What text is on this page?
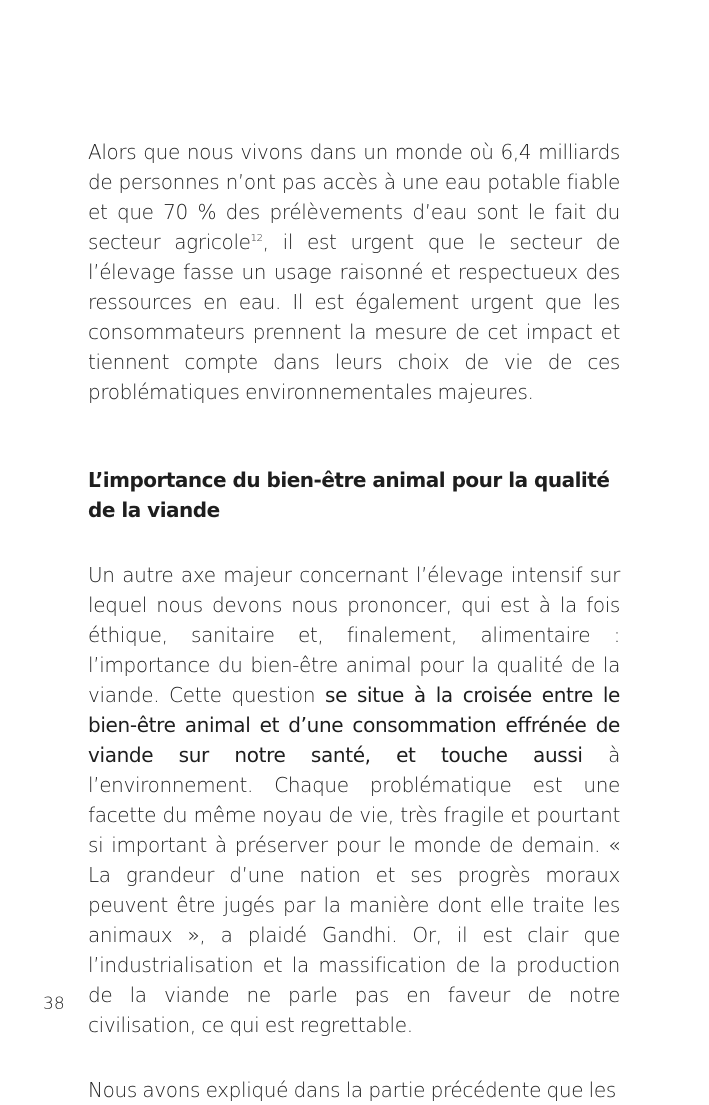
Alors que nous vivons dans un monde où 6,4 milliards de personnes n’ont pas accès à une eau potable fiable et que 70 % des prélèvements d’eau sont le fait du secteur agricole$^{12}$, il est urgent que le secteur de l’élevage fasse un usage raisonné et respectueux des ressources en eau. Il est également urgent que les consommateurs prennent la mesure de cet impact et tiennent compte dans leurs choix de vie de ces problématiques environnementales majeures.

L’importance du bien-être animal pour la qualité de la viande

Un autre axe majeur concernant l’élevage intensif sur lequel nous devons nous prononcer, qui est à la fois éthique, sanitaire et, finalement, alimentaire : l’importance du bien-être animal pour la qualité de la viande. Cette question se situe à la croisée entre le bien-être animal et d’une consommation effrénée de viande sur notre santé, et touche aussi à l’environnement. Chaque problématique est une facette du même noyau de vie, très fragile et pourtant si important à préserver pour le monde de demain. « La grandeur d’une nation et ses progrès moraux peuvent être jugés par la manière dont elle traite les animaux », a plaidé Gandhi. Or, il est clair que l’industrialisation et la massification de la production de la viande ne parle pas en faveur de notre civilisation, ce qui est regrettable.

Nous avons expliqué dans la partie précédente que les

38
